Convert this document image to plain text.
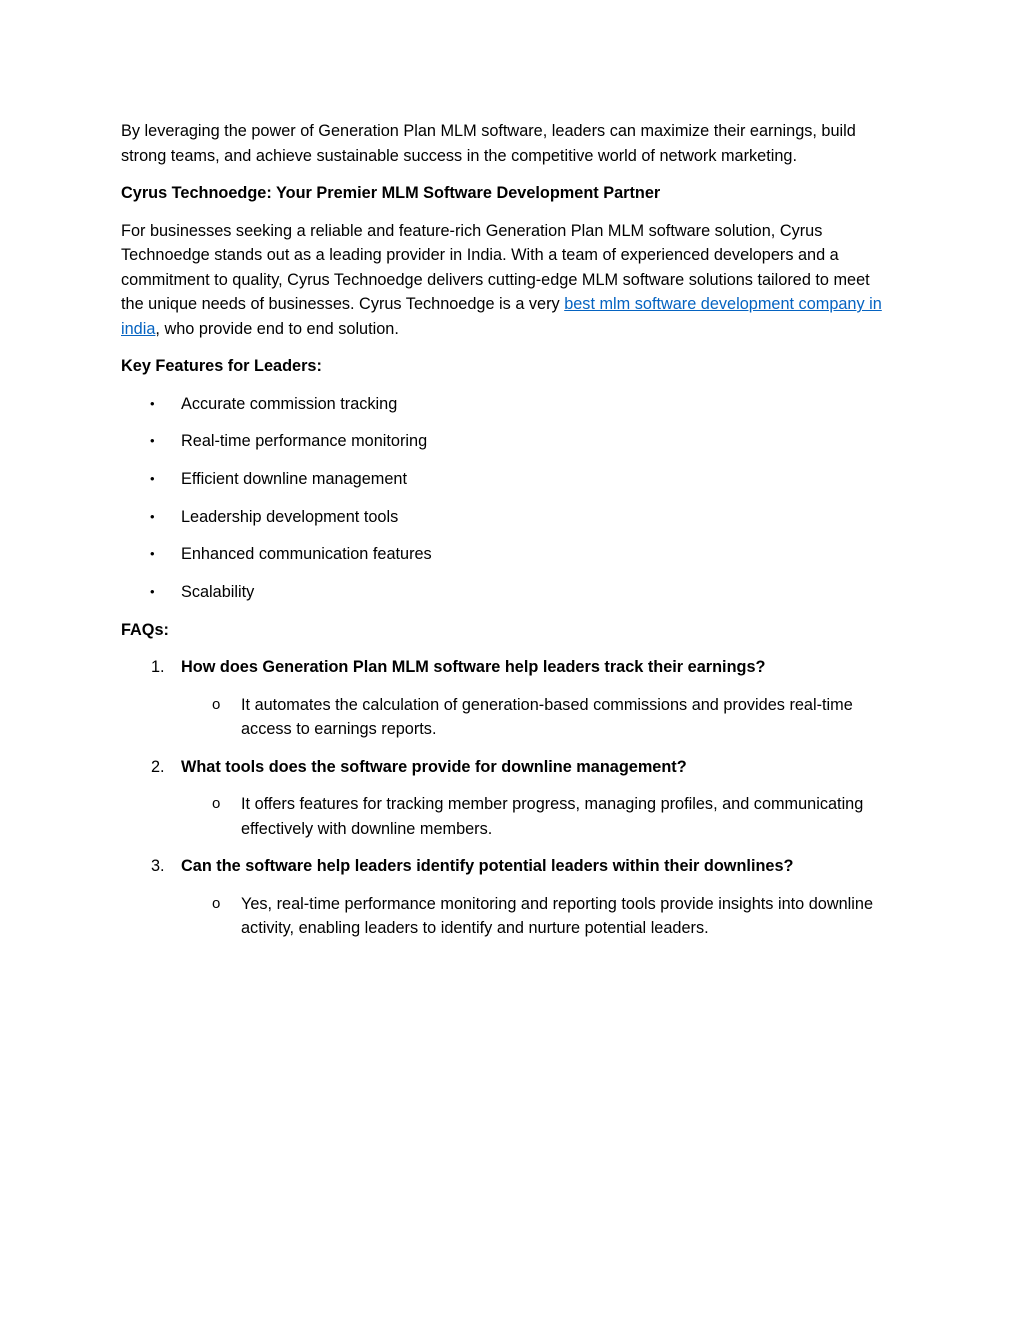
By leveraging the power of Generation Plan MLM software, leaders can maximize their earnings, build strong teams, and achieve sustainable success in the competitive world of network marketing.

Cyrus Technoedge: Your Premier MLM Software Development Partner

For businesses seeking a reliable and feature-rich Generation Plan MLM software solution, Cyrus Technoedge stands out as a leading provider in India. With a team of experienced developers and a commitment to quality, Cyrus Technoedge delivers cutting-edge MLM software solutions tailored to meet the unique needs of businesses. Cyrus Technoedge is a very best mlm software development company in india, who provide end to end solution.

Key Features for Leaders:

• Accurate commission tracking
• Real-time performance monitoring
• Efficient downline management
• Leadership development tools
• Enhanced communication features
• Scalability

FAQs:

1. How does Generation Plan MLM software help leaders track their earnings?

o It automates the calculation of generation-based commissions and provides real-time access to earnings reports.

2. What tools does the software provide for downline management?

o It offers features for tracking member progress, managing profiles, and communicating effectively with downline members.

3. Can the software help leaders identify potential leaders within their downlines?

o Yes, real-time performance monitoring and reporting tools provide insights into downline activity, enabling leaders to identify and nurture potential leaders.
